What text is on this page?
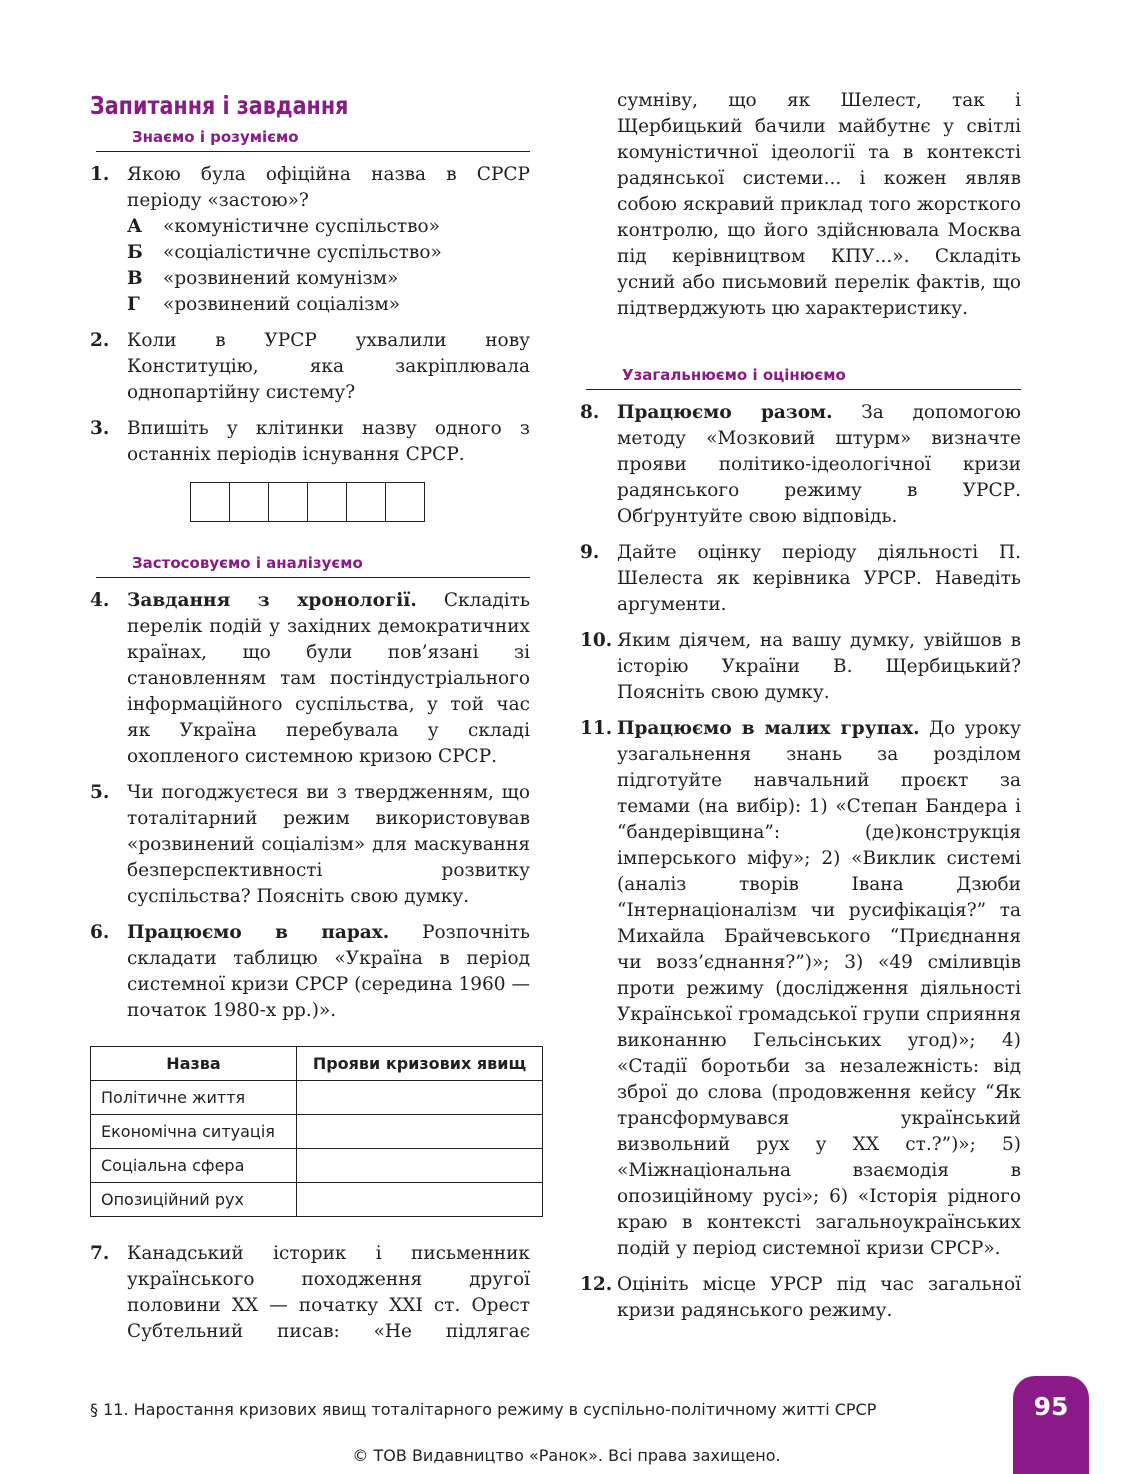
Запитання і завдання
Знаємо і розуміємо
1. Якою була офіційна назва в СРСР періоду «застою»?
А	«комуністичне суспільство»
Б	«соціалістичне суспільство»
В	«розвинений комунізм»
Г	«розвинений соціалізм»
2. Коли в УРСР ухвалили нову Конституцію, яка закріплювала однопартійну систему?
3. Впишіть у клітинки назву одного з останніх періодів існування СРСР.
Застосовуємо і аналізуємо
4. Завдання з хронології. Складіть перелік подій у західних демократичних країнах, що були пов’язані зі становленням там постіндустріального інформаційного суспільства, у той час як Україна перебувала у складі охопленого системною кризою СРСР.
5. Чи погоджуєтеся ви з твердженням, що тоталітарний режим використовував «розвинений соціалізм» для маскування безперспективності розвитку суспільства? Поясніть свою думку.
6. Працюємо в парах. Розпочніть складати таблицю «Україна в період системної кризи СРСР (середина 1960 — початок 1980-х рр.)».
Назва	Прояви кризових явищ
Політичне життя	
Економічна ситуація	
Соціальна сфера	
Опозиційний рух	
7. Канадський історик і письменник українського походження другої половини ХХ — початку ХХІ ст. Орест Субтельний писав: «Не підлягає
сумніву, що як Шелест, так і Щербицький бачили майбутнє у світлі комуністичної ідеології та в контексті радянської системи... і кожен являв собою яскравий приклад того жорсткого контролю, що його здійснювала Москва під керівництвом КПУ...». Складіть усний або письмовий перелік фактів, що підтверджують цю характеристику.
Узагальнюємо і оцінюємо
8. Працюємо разом. За допомогою методу «Мозковий штурм» визначте прояви політико-ідеологічної кризи радянського режиму в УРСР. Обґрунтуйте свою відповідь.
9. Дайте оцінку періоду діяльності П. Шелеста як керівника УРСР. Наведіть аргументи.
10. Яким діячем, на вашу думку, увійшов в історію України В. Щербицький? Поясніть свою думку.
11. Працюємо в малих групах. До уроку узагальнення знань за розділом підготуйте навчальний проєкт за темами (на вибір): 1) «Степан Бандера і “бандерівщина”: (де)конструкція імперського міфу»; 2) «Виклик системі (аналіз творів Івана Дзюби “Інтернаціоналізм чи русифікація?” та Михайла Брайчевського “Приєднання чи возз’єднання?”)»; 3) «49 сміливців проти режиму (дослідження діяльності Української громадської групи сприяння виконанню Гельсінських угод)»; 4) «Стадії боротьби за незалежність: від зброї до слова (продовження кейсу “Як трансформувався український визвольний рух у ХХ ст.?”)»; 5) «Міжнаціональна взаємодія в опозиційному русі»; 6) «Історія рідного краю в контексті загальноукраїнських подій у період системної кризи СРСР».
12. Оцініть місце УРСР під час загальної кризи радянського режиму.
§ 11. Наростання кризових явищ тоталітарного режиму в суспільно-політичному житті СРСР	95
© ТОВ Видавництво «Ранок». Всі права захищено.
